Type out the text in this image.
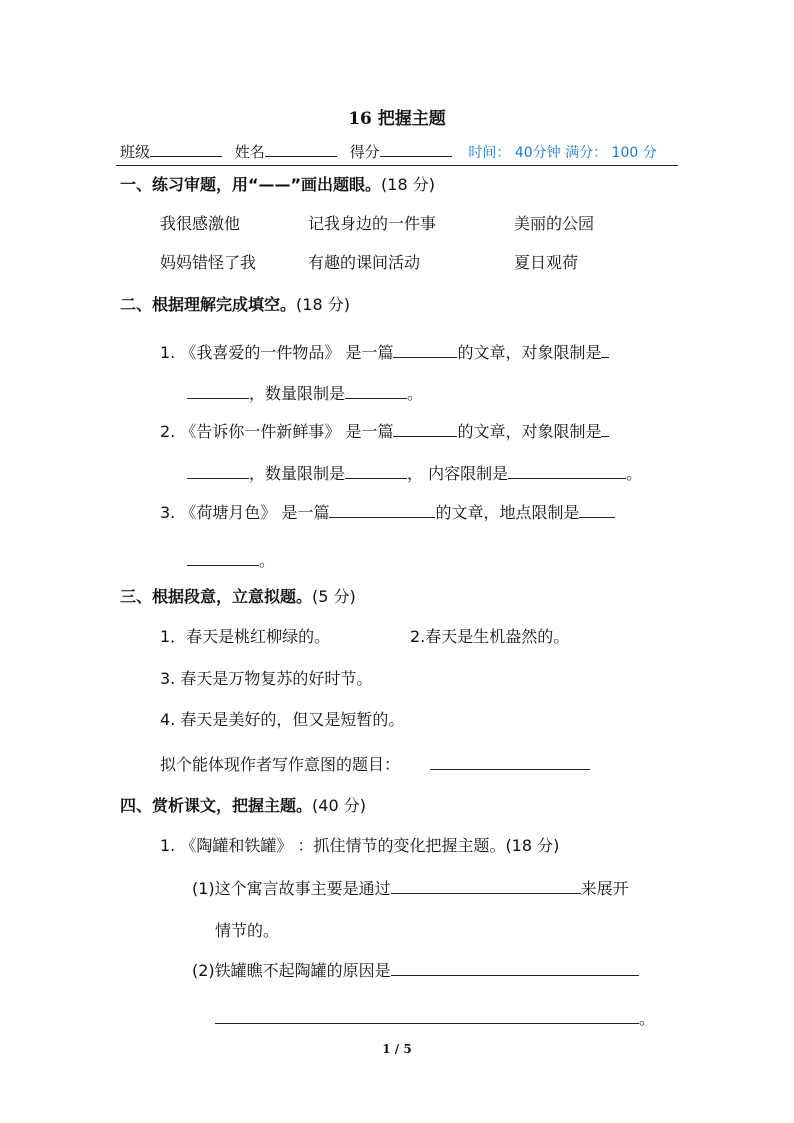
16 把握主题
班级	姓名	得分	时间： 40分钟 满分： 100 分
一、练习审题，用“——”画出题眼。(18 分)
我很感激他	记我身边的一件事	美丽的公园
妈妈错怪了我	有趣的课间活动	夏日观荷
二、根据理解完成填空。(18 分)
1. 《我喜爱的一件物品》 是一篇	的文章，对象限制是
，数量限制是	。
2. 《告诉你一件新鲜事》 是一篇	的文章，对象限制是
，数量限制是	， 内容限制是	。
3. 《荷塘月色》 是一篇	的文章，地点限制是
。
三、根据段意，立意拟题。(5 分)
1．春天是桃红柳绿的。	2.春天是生机盎然的。
3. 春天是万物复苏的好时节。
4. 春天是美好的，但又是短暂的。
拟个能体现作者写作意图的题目：
四、赏析课文，把握主题。(40 分)
1. 《陶罐和铁罐》 ：抓住情节的变化把握主题。(18 分)
(1)这个寓言故事主要是通过	来展开
情节的。
(2)铁罐瞧不起陶罐的原因是
。
1 / 5
